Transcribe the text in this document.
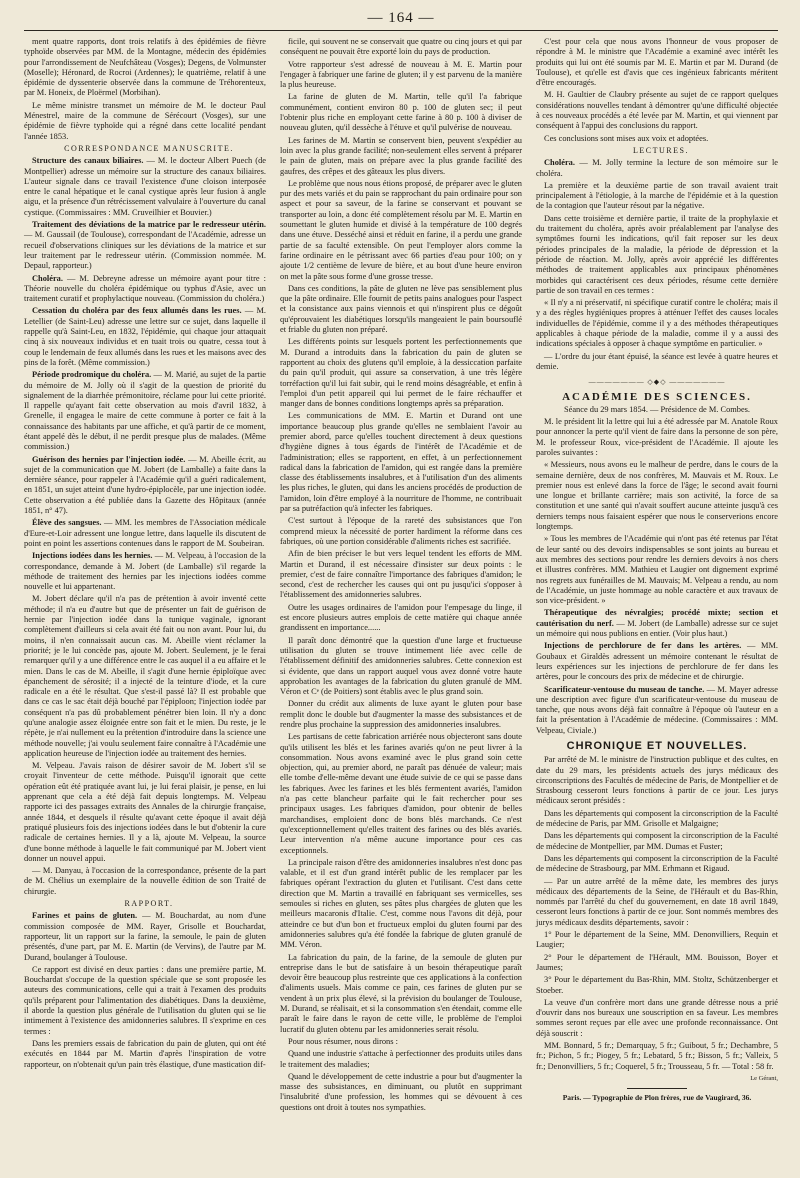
— 164 —

ment quatre rapports, dont trois relatifs à des épidémies de fièvre typhoïde observées par MM. de la Montagne, médecin des épidémies pour l'arrondissement de Neufchâteau (Vosges); Degens, de Volmunster (Moselle); Héronard, de Rocroi (Ardennes); le quatrième, relatif à une épidémie de dyssenterie observée dans la commune de Tréhorenteux, par M. Honeix, de Ploërmel (Morbihan).

Le même ministre transmet un mémoire de M. le docteur Paul Ménestrel, maire de la commune de Sérécourt (Vosges), sur une épidémie de fièvre typhoïde qui a régné dans cette localité pendant l'année 1853.

CORRESPONDANCE MANUSCRITE.

Structure des canaux biliaires. — M. le docteur Albert Puech (de Montpellier) adresse un mémoire sur la structure des canaux biliaires. L'auteur signale dans ce travail l'existence d'une cloison interposée entre le canal hépatique et le canal cystique après leur fusion à angle aigu, et la présence d'un rétrécissement valvulaire à l'ouverture du canal cystique. (Commissaires : MM. Cruveilhier et Bouvier.)

Traitement des déviations de la matrice par le redresseur utérin. — M. Gaussail (de Toulouse), correspondant de l'Académie, adresse un recueil d'observations cliniques sur les déviations de la matrice et sur leur traitement par le redresseur utérin. (Commission nommée. M. Depaul, rapporteur.)

Choléra. — M. Debreyne adresse un mémoire ayant pour titre : Théorie nouvelle du choléra épidémique ou typhus d'Asie, avec un traitement curatif et prophylactique nouveau. (Commission du choléra.)

Cessation du choléra par des feux allumés dans les rues. — M. Letellier (de Saint-Leu) adresse une lettre sur ce sujet, dans laquelle il rappelle qu'à Saint-Leu, en 1832, l'épidémie, qui chaque jour attaquait cinq à six nouveaux individus et en tuait trois ou quatre, cessa tout à coup le lendemain de feux allumés dans les rues et les maisons avec des pins de la forêt. (Même commission.)

Période prodromique du choléra. — M. Marié, au sujet de la partie du mémoire de M. Jolly où il s'agit de la question de priorité du signalement de la diarrhée prémonitoire, réclame pour lui cette priorité. Il rappelle qu'ayant fait cette observation au mois d'avril 1832, à Grenelle, il engagea le maire de cette commune à porter ce fait à la connaissance des habitants par une affiche, et qu'à partir de ce moment, étant appelé dès le début, il ne perdit presque plus de malades. (Même commission.)

Guérison des hernies par l'injection iodée. — M. Abeille écrit, au sujet de la communication que M. Jobert (de Lamballe) a faite dans la dernière séance, pour rappeler à l'Académie qu'il a guéri radicalement, en 1851, un sujet atteint d'une hydro-épiplocèle, par une injection iodée. Cette observation a été publiée dans la Gazette des Hôpitaux (année 1851, n° 47).

Élève des sangsues. — MM. les membres de l'Association médicale d'Eure-et-Loir adressent une longue lettre, dans laquelle ils discutent de point en point les assertions contenues dans le rapport de M. Soubeiran.

Injections iodées dans les hernies. — M. Velpeau, à l'occasion de la correspondance, demande à M. Jobert (de Lamballe) s'il regarde la méthode de traitement des hernies par les injections iodées comme nouvelle et lui appartenant.

M. Jobert déclare qu'il n'a pas de prétention à avoir inventé cette méthode; il n'a eu d'autre but que de présenter un fait de guérison de hernie par l'injection iodée dans la tunique vaginale, ignorant complètement d'ailleurs si cela avait été fait ou non avant. Pour lui, du moins, il n'en connaissait aucun cas. M. Abeille vient réclamer la priorité; je le lui concède pas, ajoute M. Jobert. Seulement, je le ferai remarquer qu'il y a une différence entre le cas auquel il a eu affaire et le mien. Dans le cas de M. Abeille, il s'agit d'une hernie épiploïque avec épanchement de sérosité; il a injecté de la teinture d'iode, et la cure radicale en a été le résultat. Que s'est-il passé là? Il est probable que dans ce cas le sac était déjà bouché par l'épiploon; l'injection iodée par conséquent n'a pas dû probablement pénétrer bien loin. Il n'y a donc qu'une analogie assez éloignée entre son fait et le mien. Du reste, je le répète, je n'ai nullement eu la prétention d'introduire dans la science une méthode nouvelle; j'ai voulu seulement faire connaître à l'Académie une application heureuse de l'injection iodée au traitement des hernies.

M. Velpeau. J'avais raison de désirer savoir de M. Jobert s'il se croyait l'inventeur de cette méthode. Puisqu'il ignorait que cette opération eût été pratiquée avant lui, je lui ferai plaisir, je pense, en lui apprenant que cela a été déjà fait depuis longtemps. M. Velpeau rapporte ici des passages extraits des Annales de la chirurgie française, année 1844, et desquels il résulte qu'avant cette époque il avait déjà pratiqué plusieurs fois des injections iodées dans le but d'obtenir la cure radicale de certaines hernies. Il y a là, ajoute M. Velpeau, la source d'une bonne méthode à laquelle le fait communiqué par M. Jobert vient donner un nouvel appui.

— M. Danyau, à l'occasion de la correspondance, présente de la part de M. Chélius un exemplaire de la nouvelle édition de son Traité de chirurgie.

RAPPORT.

Farines et pains de gluten. — M. Bouchardat, au nom d'une commission composée de MM. Rayer, Grisolle et Bouchardat, rapporteur, lit un rapport sur la farine, la semoule, le pain de gluten présentés, d'une part, par M. E. Martin (de Vervins), de l'autre par M. Durand, boulanger à Toulouse.

Ce rapport est divisé en deux parties : dans une première partie, M. Bouchardat s'occupe de la question spéciale que se sont proposée les auteurs des communications, celle qui a trait à l'examen des produits qu'ils préparent pour l'alimentation des diabétiques. Dans la deuxième, il aborde la question plus générale de l'utilisation du gluten qui se lie intimement à l'existence des amidonneries salubres. Il s'exprime en ces termes :

Dans les premiers essais de fabrication du pain de gluten, qui ont été exécutés en 1844 par M. Martin d'après l'inspiration de votre rapporteur, on n'obtenait qu'un pain très élastique, d'une mastication dif-

ficile, qui souvent ne se conservait que quatre ou cinq jours et qui par conséquent ne pouvait être exporté loin du pays de production.

Votre rapporteur s'est adressé de nouveau à M. E. Martin pour l'engager à fabriquer une farine de gluten; il y est parvenu de la manière la plus heureuse.

La farine de gluten de M. Martin, telle qu'il l'a fabrique communément, contient environ 80 p. 100 de gluten sec; il peut l'obtenir plus riche en employant cette farine à 80 p. 100 à diviser de nouveau gluten, qu'il dessèche à l'étuve et qu'il pulvérise de nouveau.

Les farines de M. Martin se conservent bien, peuvent s'expédier au loin avec la plus grande facilité; non-seulement elles servent à préparer le pain de gluten, mais on prépare avec la plus grande facilité des gaufres, des crêpes et des gâteaux les plus divers.

Le problème que nous nous étions proposé, de préparer avec le gluten pur des mets variés et du pain se rapprochant du pain ordinaire pour son aspect et pour sa saveur, de la farine se conservant et pouvant se transporter au loin, a donc été complètement résolu par M. E. Martin en soumettant le gluten humide et divisé à la température de 100 degrés dans une étuve. Desséché ainsi et réduit en farine, il a perdu une grande partie de sa faculté extensible. On peut l'employer alors comme la farine ordinaire en le pétrissant avec 66 parties d'eau pour 100; on y ajoute 1/2 centième de levure de bière, et au bout d'une heure environ on met la pâte sous forme d'une grosse tresse.

Dans ces conditions, la pâte de gluten ne lève pas sensiblement plus que la pâte ordinaire. Elle fournit de petits pains analogues pour l'aspect et la consistance aux pains viennois et qui n'inspirent plus ce dégoût qu'éprouvaient les diabétiques lorsqu'ils mangeaient le pain boursouflé et friable du gluten non préparé.

Les différents points sur lesquels portent les perfectionnements que M. Durand a introduits dans la fabrication du pain de gluten se rapportent au choix des glutens qu'il emploie, à la dessiccation parfaite du pain qu'il produit, qui assure sa conservation, à une très légère torréfaction qu'il lui fait subir, qui le rend moins désagréable, et enfin à l'emploi d'un petit appareil qui lui permet de le faire réchauffer et manger dans de bonnes conditions longtemps après sa préparation.

Les communications de MM. E. Martin et Durand ont une importance beaucoup plus grande qu'elles ne semblaient l'avoir au premier abord, parce qu'elles touchent directement à deux questions d'hygiène dignes à tous égards de l'intérêt de l'Académie et de l'administration; elles se rapportent, en effet, à un perfectionnement radical dans la fabrication de l'amidon, qui est rangée dans la première classe des établissements insalubres, et à l'utilisation d'un des aliments les plus riches, le gluten, qui dans les anciens procédés de production de l'amidon, loin d'être employé à la nourriture de l'homme, ne contribuait par sa putréfaction qu'à infecter les fabriques.

C'est surtout à l'époque de la rareté des subsistances que l'on comprend mieux la nécessité de porter hardiment la réforme dans ces fabriques, où une portion considérable d'aliments riches est sacrifiée.

Afin de bien préciser le but vers lequel tendent les efforts de MM. Martin et Durand, il est nécessaire d'insister sur deux points : le premier, c'est de faire connaître l'importance des fabriques d'amidon; le second, c'est de rechercher les causes qui ont pu jusqu'ici s'opposer à l'établissement des amidonneries salubres.

Outre les usages ordinaires de l'amidon pour l'empesage du linge, il est encore plusieurs autres emplois de cette matière qui chaque année grandissent en importance......

Il paraît donc démontré que la question d'une large et fructueuse utilisation du gluten se trouve intimement liée avec celle de l'établissement définitif des amidonneries salubres. Cette connexion est si évidente, que dans un rapport auquel vous avez donné votre haute approbation les avantages de la fabrication du gluten granulé de MM. Véron et Cᵉ (de Poitiers) sont établis avec le plus grand soin.

Donner du crédit aux aliments de luxe ayant le gluten pour base remplit donc le double but d'augmenter la masse des subsistances et de rendre plus prochaine la suppression des amidonneries insalubres.

Les partisans de cette fabrication arriérée nous objecteront sans doute qu'ils utilisent les blés et les farines avariés qu'on ne peut livrer à la consommation. Nous avons examiné avec le plus grand soin cette objection, qui, au premier abord, ne paraît pas dénuée de valeur; mais elle tombe d'elle-même devant une étude suivie de ce qui se passe dans les fabriques. Avec les farines et les blés fermentent avariés, l'amidon n'a pas cette blancheur parfaite qui le fait rechercher pour ses principaux usages. Les fabriques d'amidon, pour obtenir de belles marchandises, emploient donc de bons blés marchands. Ce n'est qu'exceptionnellement qu'elles traitent des farines ou des blés avariés. Leur intervention n'a même aucune importance pour ces cas exceptionnels.

La principale raison d'être des amidonneries insalubres n'est donc pas valable, et il est d'un grand intérêt public de les remplacer par les fabriques opérant l'extraction du gluten et l'utilisant. C'est dans cette direction que M. Martin a travaillé en fabriquant ses vermicelles, ses semoules si riches en gluten, ses pâtes plus chargées de gluten que les meilleurs macaronis d'Italie. C'est, comme nous l'avons dit déjà, pour atteindre ce but d'un bon et fructueux emploi du gluten fourni par des amidonneries salubres qu'a été fondée la fabrique de gluten granulé de MM. Véron.

La fabrication du pain, de la farine, de la semoule de gluten pur entreprise dans le but de satisfaire à un besoin thérapeutique paraît devoir être beaucoup plus restreinte que ces applications à la confection d'aliments usuels. Mais comme ce pain, ces farines de gluten pur se vendent à un prix plus élevé, si la prévision du boulanger de Toulouse, M. Durand, se réalisait, et si la consommation s'en étendait, comme elle paraît le faire dans le rayon de cette ville, le problème de l'emploi lucratif du gluten obtenu par les amidonneries serait résolu.

Pour nous résumer, nous dirons :

Quand une industrie s'attache à perfectionner des produits utiles dans le traitement des maladies;

Quand le développement de cette industrie a pour but d'augmenter la masse des subsistances, en diminuant, ou plutôt en supprimant l'insalubrité d'une profession, les hommes qui se dévouent à ces questions ont droit à toutes nos sympathies.

C'est pour cela que nous avons l'honneur de vous proposer de répondre à M. le ministre que l'Académie a examiné avec intérêt les produits qui lui ont été soumis par M. E. Martin et par M. Durand (de Toulouse), et qu'elle est d'avis que ces ingénieux fabricants méritent d'être encouragés.

M. H. Gaultier de Claubry présente au sujet de ce rapport quelques considérations nouvelles tendant à démontrer qu'une difficulté objectée à ces nouveaux procédés a été levée par M. Martin, et qui viennent par conséquent à l'appui des conclusions du rapport.

Ces conclusions sont mises aux voix et adoptées.

LECTURES.

Choléra. — M. Jolly termine la lecture de son mémoire sur le choléra.

La première et la deuxième partie de son travail avaient trait principalement à l'étiologie, à la marche de l'épidémie et à la question de la contagion que l'auteur résout par la négative.

Dans cette troisième et dernière partie, il traite de la prophylaxie et du traitement du choléra, après avoir préalablement par l'analyse des symptômes fourni les indications, qu'il fait reposer sur les deux périodes principales de la maladie, la période de dépression et la période de réaction. M. Jolly, après avoir apprécié les différentes méthodes de traitement applicables aux principaux phénomènes morbides qui caractérisent ces deux périodes, résume cette dernière partie de son travail en ces termes :

« Il n'y a ni préservatif, ni spécifique curatif contre le choléra; mais il y a des règles hygiéniques propres à atténuer l'effet des causes locales individuelles de l'épidémie, comme il y a des méthodes thérapeutiques applicables à chaque période de la maladie, comme il y a aussi des indications spéciales à opposer à chaque symptôme en particulier. »

— L'ordre du jour étant épuisé, la séance est levée à quatre heures et demie.

——————— ◇◆◇ ———————
ACADÉMIE DES SCIENCES.

Séance du 29 mars 1854. — Présidence de M. Combes.

M. le président lit la lettre qui lui a été adressée par M. Anatole Roux pour annoncer la perte qu'il vient de faire dans la personne de son père, M. le professeur Roux, vice-président de l'Académie. Il ajoute les paroles suivantes :

« Messieurs, nous avons eu le malheur de perdre, dans le cours de la semaine dernière, deux de nos confrères, M. Mauvais et M. Roux. Le premier nous est enlevé dans la force de l'âge; le second avait fourni une longue et brillante carrière; mais son activité, la force de sa constitution et une santé qui n'avait souffert aucune atteinte jusqu'à ces derniers temps nous faisaient espérer que nous le conserverions encore longtemps.

» Tous les membres de l'Académie qui n'ont pas été retenus par l'état de leur santé ou des devoirs indispensables se sont joints au bureau et aux membres des sections pour rendre les derniers devoirs à nos chers et illustres confrères. MM. Mathieu et Laugier ont dignement exprimé nos regrets aux funérailles de M. Mauvais; M. Velpeau a rendu, au nom de l'Académie, un juste hommage au noble caractère et aux travaux de son vice-président. »

Thérapeutique des névralgies; procédé mixte; section et cautérisation du nerf. — M. Jobert (de Lamballe) adresse sur ce sujet un mémoire qui nous publions en entier. (Voir plus haut.)

Injections de perchlorure de fer dans les artères. — MM. Goubaux et Giraldès adressent un mémoire contenant le résultat de leurs expériences sur les injections de perchlorure de fer dans les artères, pour le concours des prix de médecine et de chirurgie.

Scarificateur-ventouse du museau de tanche. — M. Mayer adresse une description avec figure d'un scarificateur-ventouse du museau de tanche, que nous avons déjà fait connaître à l'époque où l'auteur en a fait la présentation à l'Académie de médecine. (Commissaires : MM. Velpeau, Civiale.)

CHRONIQUE ET NOUVELLES.

Par arrêté de M. le ministre de l'instruction publique et des cultes, en date du 29 mars, les présidents actuels des jurys médicaux des circonscriptions des Facultés de médecine de Paris, de Montpellier et de Strasbourg cesseront leurs fonctions à partir de ce jour. Les jurys médicaux seront présidés :

Dans les départements qui composent la circonscription de la Faculté de médecine de Paris, par MM. Grisolle et Malgaigne;

Dans les départements qui composent la circonscription de la Faculté de médecine de Montpellier, par MM. Dumas et Fuster;

Dans les départements qui composent la circonscription de la Faculté de médecine de Strasbourg, par MM. Erhmann et Rigaud.

— Par un autre arrêté de la même date, les membres des jurys médicaux des départements de la Seine, de l'Hérault et du Bas-Rhin, nommés par l'arrêté du chef du gouvernement, en date 18 avril 1849, cesseront leurs fonctions à partir de ce jour. Sont nommés membres des jurys médicaux desdits départements, savoir :

1° Pour le département de la Seine, MM. Denonvilliers, Requin et Laugier;

2° Pour le département de l'Hérault, MM. Bouisson, Boyer et Jaumes;

3° Pour le département du Bas-Rhin, MM. Stoltz, Schützenberger et Stoeber.

La veuve d'un confrère mort dans une grande détresse nous a prié d'ouvrir dans nos bureaux une souscription en sa faveur. Les membres sommes seront reçues par elle avec une profonde reconnaissance. Ont déjà souscrit :

MM. Bonnard, 5 fr.; Demarquay, 5 fr.; Guibout, 5 fr.; Dechambre, 5 fr.; Pichon, 5 fr.; Piogey, 5 fr.; Lebatard, 5 fr.; Bisson, 5 fr.; Valleix, 5 fr.; Denonvilliers, 5 fr.; Coquerel, 5 fr.; Trousseau, 5 fr. — Total : 58 fr.

Le Gérant,
Paris. — Typographie de Plon frères, rue de Vaugirard, 36.
